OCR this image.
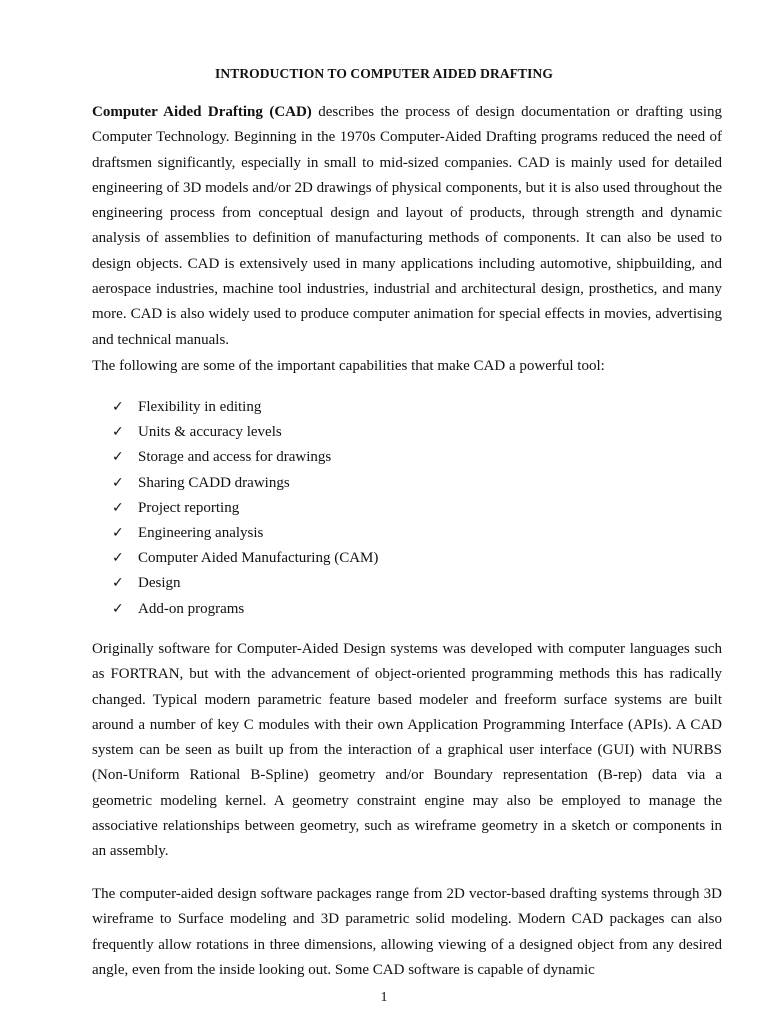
INTRODUCTION TO COMPUTER AIDED DRAFTING
Computer Aided Drafting (CAD) describes the process of design documentation or drafting using Computer Technology. Beginning in the 1970s Computer-Aided Drafting programs reduced the need of draftsmen significantly, especially in small to mid-sized companies. CAD is mainly used for detailed engineering of 3D models and/or 2D drawings of physical components, but it is also used throughout the engineering process from conceptual design and layout of products, through strength and dynamic analysis of assemblies to definition of manufacturing methods of components. It can also be used to design objects. CAD is extensively used in many applications including automotive, shipbuilding, and aerospace industries, machine tool industries, industrial and architectural design, prosthetics, and many more. CAD is also widely used to produce computer animation for special effects in movies, advertising and technical manuals.
The following are some of the important capabilities that make CAD a powerful tool:
✓ Flexibility in editing
✓ Units & accuracy levels
✓ Storage and access for drawings
✓ Sharing CADD drawings
✓ Project reporting
✓ Engineering analysis
✓ Computer Aided Manufacturing (CAM)
✓ Design
✓ Add-on programs
Originally software for Computer-Aided Design systems was developed with computer languages such as FORTRAN, but with the advancement of object-oriented programming methods this has radically changed. Typical modern parametric feature based modeler and freeform surface systems are built around a number of key C modules with their own Application Programming Interface (APIs). A CAD system can be seen as built up from the interaction of a graphical user interface (GUI) with NURBS (Non-Uniform Rational B-Spline) geometry and/or Boundary representation (B-rep) data via a geometric modeling kernel. A geometry constraint engine may also be employed to manage the associative relationships between geometry, such as wireframe geometry in a sketch or components in an assembly.
The computer-aided design software packages range from 2D vector-based drafting systems through 3D wireframe to Surface modeling and 3D parametric solid modeling. Modern CAD packages can also frequently allow rotations in three dimensions, allowing viewing of a designed object from any desired angle, even from the inside looking out. Some CAD software is capable of dynamic
1
